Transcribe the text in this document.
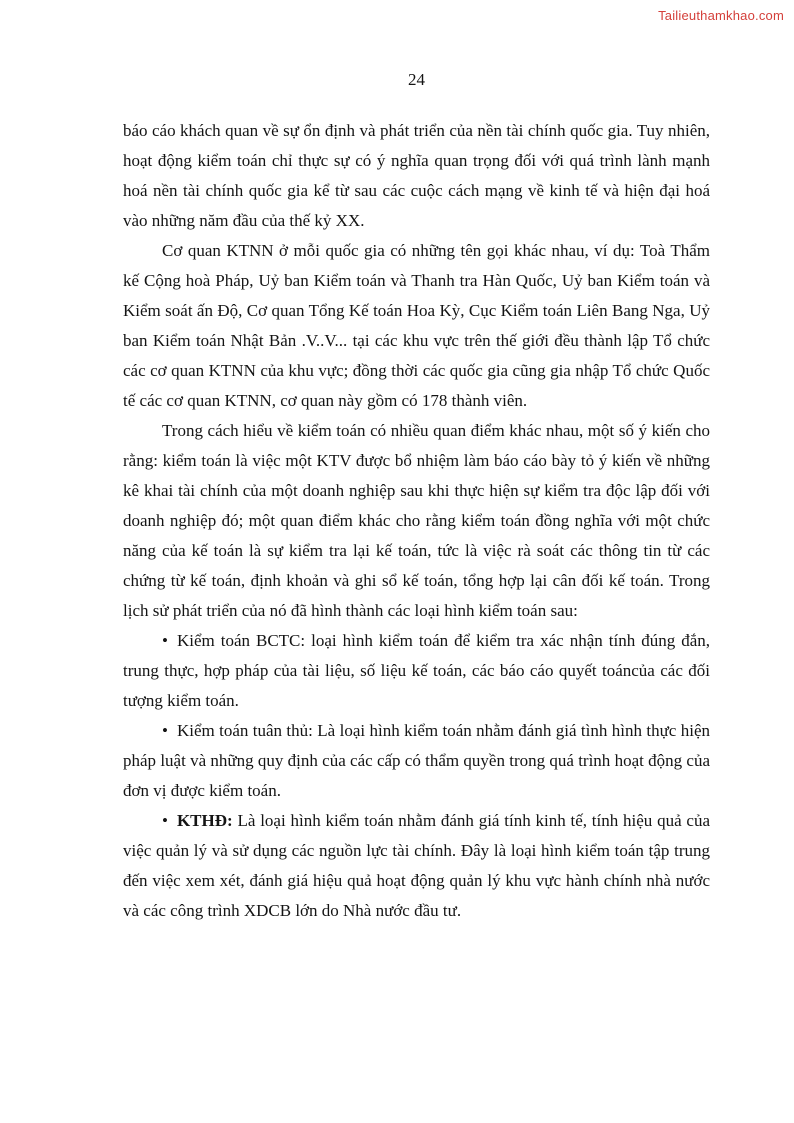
Tailieuthamkhao.com
24

báo cáo khách quan về sự ổn định và phát triển của nền tài chính quốc gia. Tuy nhiên, hoạt động kiểm toán chỉ thực sự có ý nghĩa quan trọng đối với quá trình lành mạnh hoá nền tài chính quốc gia kể từ sau các cuộc cách mạng về kinh tế và hiện đại hoá vào những năm đầu của thế kỷ XX.

Cơ quan KTNN ở mỗi quốc gia có những tên gọi khác nhau, ví dụ: Toà Thẩm kế Cộng hoà Pháp, Uỷ ban Kiểm toán và Thanh tra Hàn Quốc, Uỷ ban Kiểm toán và Kiểm soát ấn Độ, Cơ quan Tổng Kế toán Hoa Kỳ, Cục Kiểm toán Liên Bang Nga, Uỷ ban Kiểm toán Nhật Bản .V..V... tại các khu vực trên thế giới đều thành lập Tổ chức các cơ quan KTNN của khu vực; đồng thời các quốc gia cũng gia nhập Tổ chức Quốc tế các cơ quan KTNN, cơ quan này gồm có 178 thành viên.

Trong cách hiểu về kiểm toán có nhiều quan điểm khác nhau, một số ý kiến cho rằng: kiểm toán là việc một KTV được bổ nhiệm làm báo cáo bày tỏ ý kiến về những kê khai tài chính của một doanh nghiệp sau khi thực hiện sự kiểm tra độc lập đối với doanh nghiệp đó; một quan điểm khác cho rằng kiểm toán đồng nghĩa với một chức năng của kế toán là sự kiểm tra lại kế toán, tức là việc rà soát các thông tin từ các chứng từ kế toán, định khoản và ghi sổ kế toán, tổng hợp lại cân đối kế toán. Trong lịch sử phát triển của nó đã hình thành các loại hình kiểm toán sau:

• Kiểm toán BCTC: loại hình kiểm toán để kiểm tra xác nhận tính đúng đắn, trung thực, hợp pháp của tài liệu, số liệu kế toán, các báo cáo quyết toáncủa các đối tượng kiểm toán.

• Kiểm toán tuân thủ: Là loại hình kiểm toán nhằm đánh giá tình hình thực hiện pháp luật và những quy định của các cấp có thẩm quyền trong quá trình hoạt động của đơn vị được kiểm toán.

• KTHĐ: Là loại hình kiểm toán nhằm đánh giá tính kinh tế, tính hiệu quả của việc quản lý và sử dụng các nguồn lực tài chính. Đây là loại hình kiểm toán tập trung đến việc xem xét, đánh giá hiệu quả hoạt động quản lý khu vực hành chính nhà nước và các công trình XDCB lớn do Nhà nước đầu tư.
